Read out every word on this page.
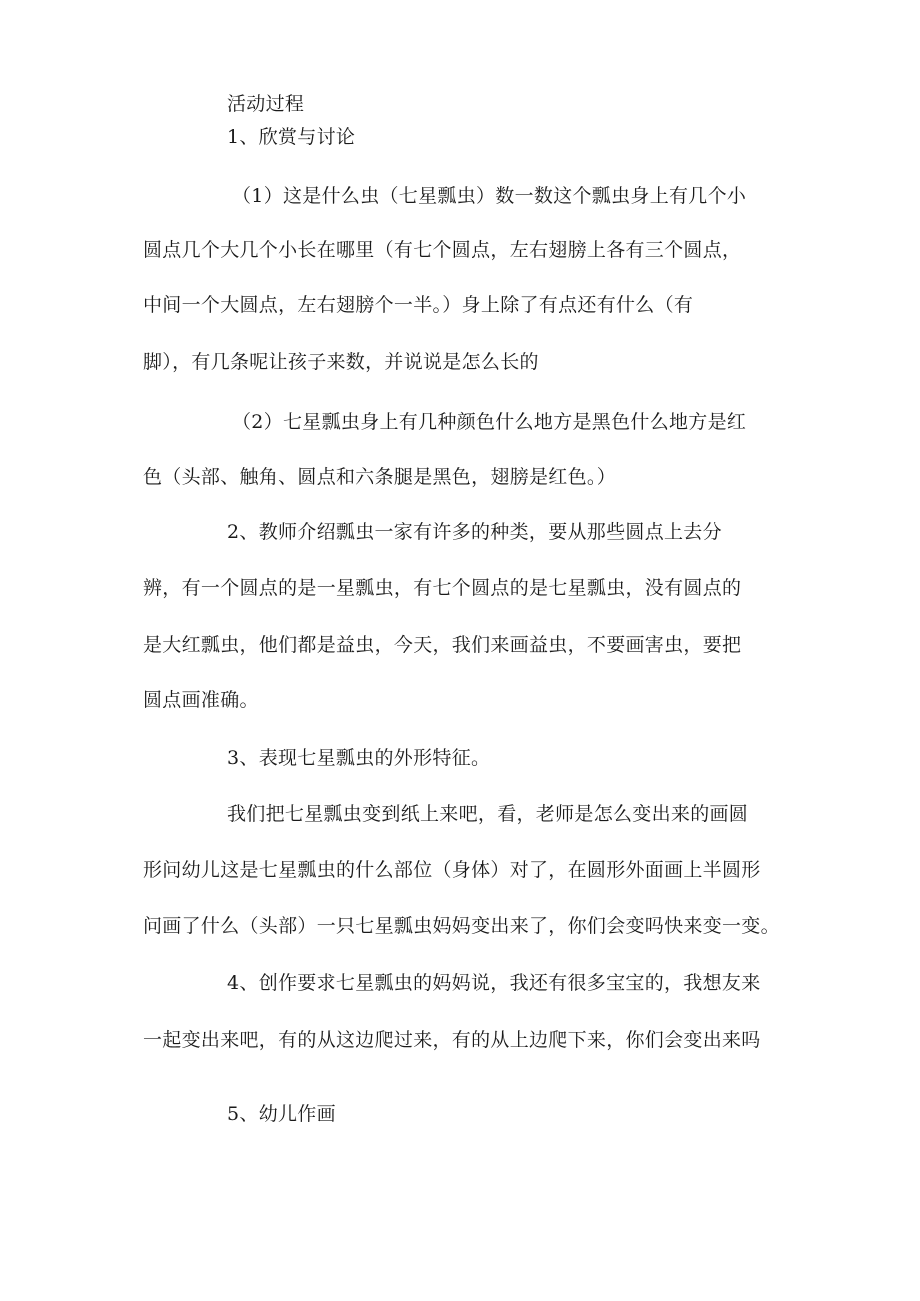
活动过程
1、欣赏与讨论
（1）这是什么虫（七星瓢虫）数一数这个瓢虫身上有几个小
圆点几个大几个小长在哪里（有七个圆点，左右翅膀上各有三个圆点，
中间一个大圆点，左右翅膀个一半。）身上除了有点还有什么（有
脚），有几条呢让孩子来数，并说说是怎么长的
（2）七星瓢虫身上有几种颜色什么地方是黑色什么地方是红
色（头部、触角、圆点和六条腿是黑色，翅膀是红色。）
2、教师介绍瓢虫一家有许多的种类，要从那些圆点上去分
辨，有一个圆点的是一星瓢虫，有七个圆点的是七星瓢虫，没有圆点的
是大红瓢虫，他们都是益虫，今天，我们来画益虫，不要画害虫，要把
圆点画准确。
3、表现七星瓢虫的外形特征。
我们把七星瓢虫变到纸上来吧，看，老师是怎么变出来的画圆
形问幼儿这是七星瓢虫的什么部位（身体）对了，在圆形外面画上半圆形
问画了什么（头部）一只七星瓢虫妈妈变出来了，你们会变吗快来变一变。
4、创作要求七星瓢虫的妈妈说，我还有很多宝宝的，我想友来
一起变出来吧，有的从这边爬过来，有的从上边爬下来，你们会变出来吗
5、幼儿作画
